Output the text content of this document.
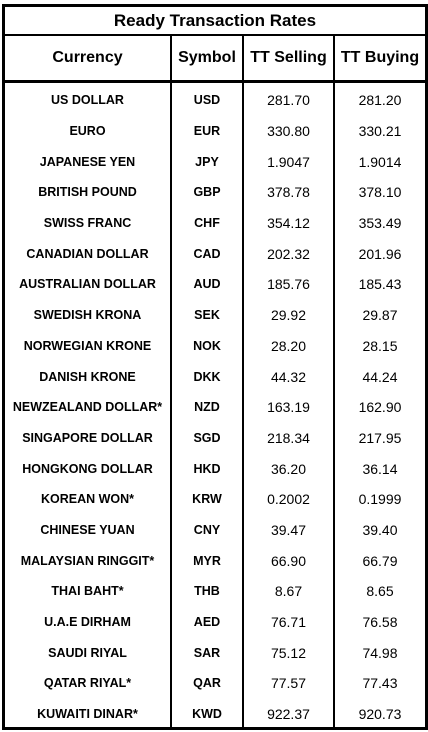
Ready Transaction Rates
Currency	Symbol	TT Selling	TT Buying
US DOLLAR	USD	281.70	281.20
EURO	EUR	330.80	330.21
JAPANESE YEN	JPY	1.9047	1.9014
BRITISH POUND	GBP	378.78	378.10
SWISS FRANC	CHF	354.12	353.49
CANADIAN DOLLAR	CAD	202.32	201.96
AUSTRALIAN DOLLAR	AUD	185.76	185.43
SWEDISH KRONA	SEK	29.92	29.87
NORWEGIAN KRONE	NOK	28.20	28.15
DANISH KRONE	DKK	44.32	44.24
NEWZEALAND DOLLAR*	NZD	163.19	162.90
SINGAPORE DOLLAR	SGD	218.34	217.95
HONGKONG DOLLAR	HKD	36.20	36.14
KOREAN WON*	KRW	0.2002	0.1999
CHINESE YUAN	CNY	39.47	39.40
MALAYSIAN RINGGIT*	MYR	66.90	66.79
THAI BAHT*	THB	8.67	8.65
U.A.E DIRHAM	AED	76.71	76.58
SAUDI RIYAL	SAR	75.12	74.98
QATAR RIYAL*	QAR	77.57	77.43
KUWAITI DINAR*	KWD	922.37	920.73
